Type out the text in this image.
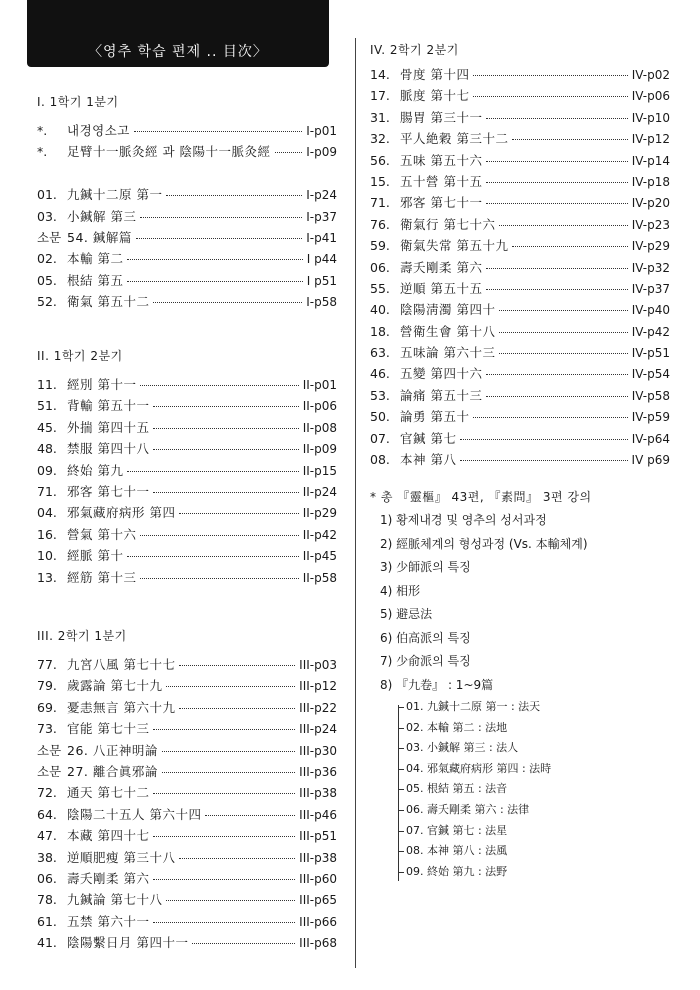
〈영추 학습 편제 .. 目次〉
I. 1학기 1분기
*.	내경영소고	I-p01
*.	足臂十一脈灸經 과 陰陽十一脈灸經	I-p09
01. 九鍼十二原 第一	I-p24
03. 小鍼解 第三	I-p37
소문 54. 鍼解篇	I-p41
02. 本輸 第二	I p44
05. 根結 第五	I p51
52. 衛氣 第五十二	I-p58
II. 1학기 2분기
11. 經別 第十一	II-p01
51. 背輸 第五十一	II-p06
45. 外揣 第四十五	II-p08
48. 禁服 第四十八	II-p09
09. 終始 第九	II-p15
71. 邪客 第七十一	II-p24
04. 邪氣藏府病形 第四	II-p29
16. 營氣 第十六	II-p42
10. 經脈 第十	II-p45
13. 經筋 第十三	II-p58
III. 2학기 1분기
77. 九宮八風 第七十七	III-p03
79. 歲露論 第七十九	III-p12
69. 憂恚無言 第六十九	III-p22
73. 官能 第七十三	III-p24
소문 26. 八正神明論	III-p30
소문 27. 離合眞邪論	III-p36
72. 通天 第七十二	III-p38
64. 陰陽二十五人 第六十四	III-p46
47. 本藏 第四十七	III-p51
38. 逆順肥瘦 第三十八	III-p38
06. 壽夭剛柔 第六	III-p60
78. 九鍼論 第七十八	III-p65
61. 五禁 第六十一	III-p66
41. 陰陽繫日月 第四十一	III-p68
IV. 2학기 2분기
14. 骨度 第十四	IV-p02
17. 脈度 第十七	IV-p06
31. 腸胃 第三十一	IV-p10
32. 平人絶穀 第三十二	IV-p12
56. 五味 第五十六	IV-p14
15. 五十營 第十五	IV-p18
71. 邪客 第七十一	IV-p20
76. 衛氣行 第七十六	IV-p23
59. 衛氣失常 第五十九	IV-p29
06. 壽夭剛柔 第六	IV-p32
55. 逆順 第五十五	IV-p37
40. 陰陽淸濁 第四十	IV-p40
18. 營衛生會 第十八	IV-p42
63. 五味論 第六十三	IV-p51
46. 五變 第四十六	IV-p54
53. 論痛 第五十三	IV-p58
50. 論勇 第五十	IV-p59
07. 官鍼 第七	IV-p64
08. 本神 第八	IV p69
* 총 『靈樞』 43편, 『素問』 3편 강의
1) 황제내경 및 영추의 성서과정
2) 經脈체계의 형성과정 (Vs. 本輸체계)
3) 少師派의 특징
4) 相形
5) 避忌法
6) 伯高派의 특징
7) 少俞派의 특징
8) 『九卷』 : 1~9篇
01. 九鍼十二原 第一 : 法天
02. 本輸 第二 : 法地
03. 小鍼解 第三 : 法人
04. 邪氣藏府病形 第四 : 法時
05. 根結 第五 : 法音
06. 壽夭剛柔 第六 : 法律
07. 官鍼 第七 : 法星
08. 本神 第八 : 法風
09. 終始 第九 : 法野
